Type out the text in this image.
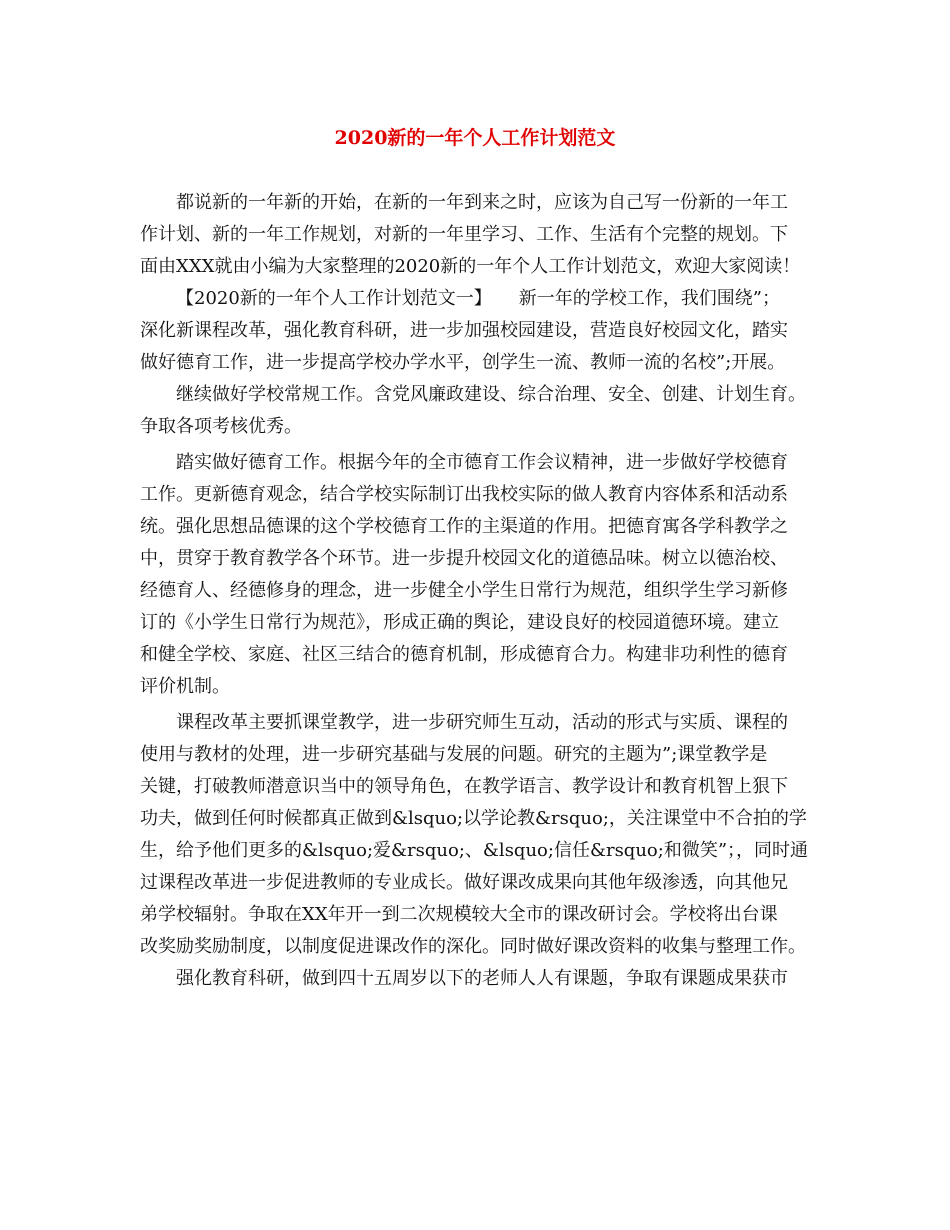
2020新的一年个人工作计划范文
都说新的一年新的开始，在新的一年到来之时，应该为自己写一份新的一年工
作计划、新的一年工作规划，对新的一年里学习、工作、生活有个完整的规划。下
面由XXX就由小编为大家整理的2020新的一年个人工作计划范文，欢迎大家阅读！
【2020新的一年个人工作计划范文一】　　新一年的学校工作，我们围绕”；
深化新课程改革，强化教育科研，进一步加强校园建设，营造良好校园文化，踏实
做好德育工作，进一步提高学校办学水平，创学生一流、教师一流的名校”;开展。
继续做好学校常规工作。含党风廉政建设、综合治理、安全、创建、计划生育。
争取各项考核优秀。
踏实做好德育工作。根据今年的全市德育工作会议精神，进一步做好学校德育
工作。更新德育观念，结合学校实际制订出我校实际的做人教育内容体系和活动系
统。强化思想品德课的这个学校德育工作的主渠道的作用。把德育寓各学科教学之
中，贯穿于教育教学各个环节。进一步提升校园文化的道德品味。树立以德治校、
经德育人、经德修身的理念，进一步健全小学生日常行为规范，组织学生学习新修
订的《小学生日常行为规范》，形成正确的舆论，建设良好的校园道德环境。建立
和健全学校、家庭、社区三结合的德育机制，形成德育合力。构建非功利性的德育
评价机制。
课程改革主要抓课堂教学，进一步研究师生互动，活动的形式与实质、课程的
使用与教材的处理，进一步研究基础与发展的问题。研究的主题为”;课堂教学是
关键，打破教师潜意识当中的领导角色，在教学语言、教学设计和教育机智上狠下
功夫，做到任何时候都真正做到&lsquo;以学论教&rsquo;，关注课堂中不合拍的学
生，给予他们更多的&lsquo;爱&rsquo;、&lsquo;信任&rsquo;和微笑”；，同时通
过课程改革进一步促进教师的专业成长。做好课改成果向其他年级渗透，向其他兄
弟学校辐射。争取在XX年开一到二次规模较大全市的课改研讨会。学校将出台课
改奖励奖励制度，以制度促进课改作的深化。同时做好课改资料的收集与整理工作。
强化教育科研，做到四十五周岁以下的老师人人有课题，争取有课题成果获市
